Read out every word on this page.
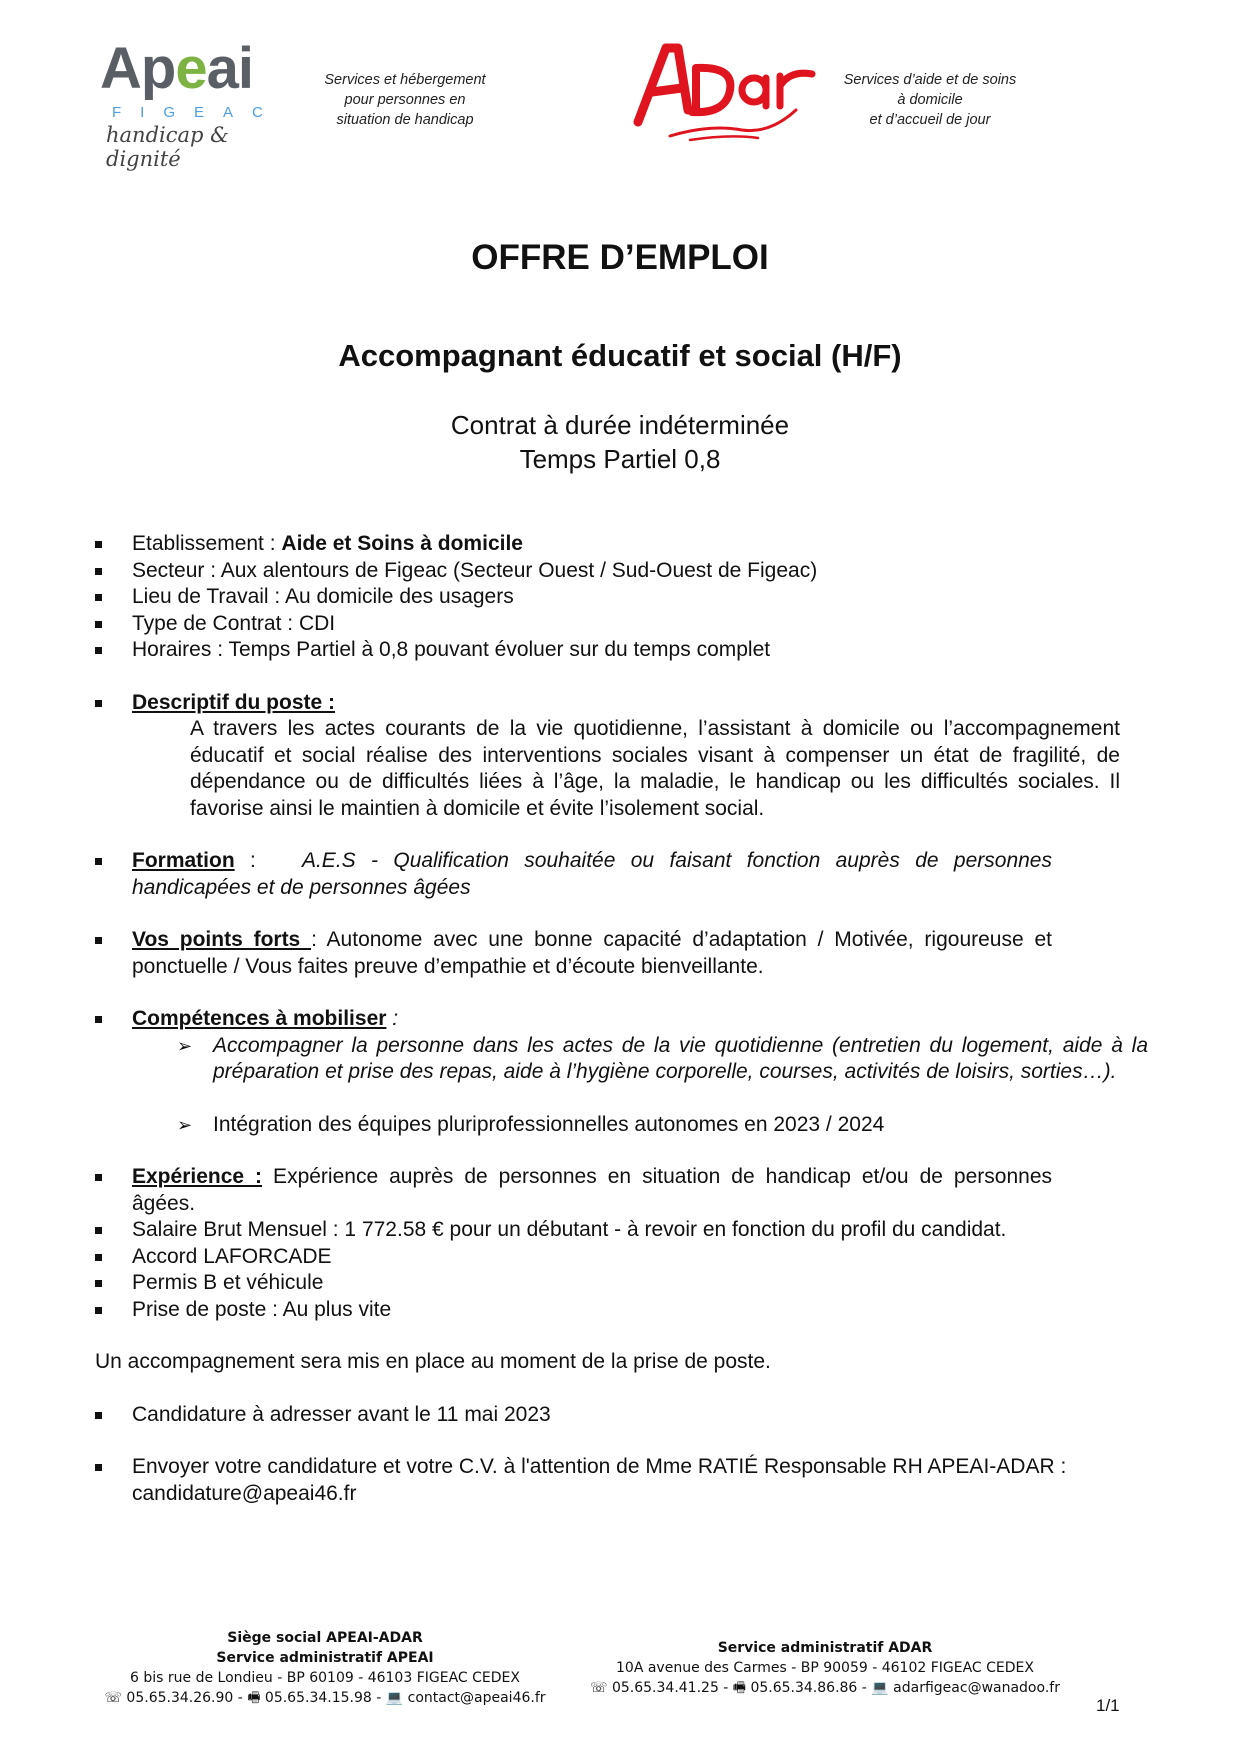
Apeai
FIGEAC
handicap & dignité
Services et hébergement
pour personnes en
situation de handicap
Services d’aide et de soins
à domicile
et d’accueil de jour
OFFRE D’EMPLOI
Accompagnant éducatif et social (H/F)
Contrat à durée indéterminée
Temps Partiel 0,8
Etablissement : Aide et Soins à domicile
Secteur : Aux alentours de Figeac (Secteur Ouest / Sud-Ouest de Figeac)
Lieu de Travail : Au domicile des usagers
Type de Contrat : CDI
Horaires : Temps Partiel à 0,8 pouvant évoluer sur du temps complet
Descriptif du poste :
A travers les actes courants de la vie quotidienne, l’assistant à domicile ou l’accompagnement éducatif et social réalise des interventions sociales visant à compenser un état de fragilité, de dépendance ou de difficultés liées à l’âge, la maladie, le handicap ou les difficultés sociales. Il favorise ainsi le maintien à domicile et évite l’isolement social.
Formation :   A.E.S - Qualification souhaitée ou faisant fonction auprès de personnes handicapées et de personnes âgées
Vos points forts : Autonome avec une bonne capacité d’adaptation / Motivée, rigoureuse et ponctuelle / Vous faites preuve d’empathie et d’écoute bienveillante.
Compétences à mobiliser :
➢ Accompagner la personne dans les actes de la vie quotidienne (entretien du logement, aide à la préparation et prise des repas, aide à l’hygiène corporelle, courses, activités de loisirs, sorties…).
➢ Intégration des équipes pluriprofessionnelles autonomes en 2023 / 2024
Expérience : Expérience auprès de personnes en situation de handicap et/ou de personnes âgées.
Salaire Brut Mensuel : 1 772.58 € pour un débutant - à revoir en fonction du profil du candidat.
Accord LAFORCADE
Permis B et véhicule
Prise de poste : Au plus vite
Un accompagnement sera mis en place au moment de la prise de poste.
Candidature à adresser avant le 11 mai 2023
Envoyer votre candidature et votre C.V. à l'attention de Mme RATIÉ Responsable RH APEAI-ADAR : candidature@apeai46.fr
Siège social APEAI-ADAR
Service administratif APEAI
6 bis rue de Londieu - BP 60109 - 46103 FIGEAC CEDEX
☏ 05.65.34.26.90 - 🖷 05.65.34.15.98 - 💻 contact@apeai46.fr
Service administratif ADAR
10A avenue des Carmes - BP 90059 - 46102 FIGEAC CEDEX
☏ 05.65.34.41.25 - 🖷 05.65.34.86.86 - 💻 adarfigeac@wanadoo.fr
1/1
